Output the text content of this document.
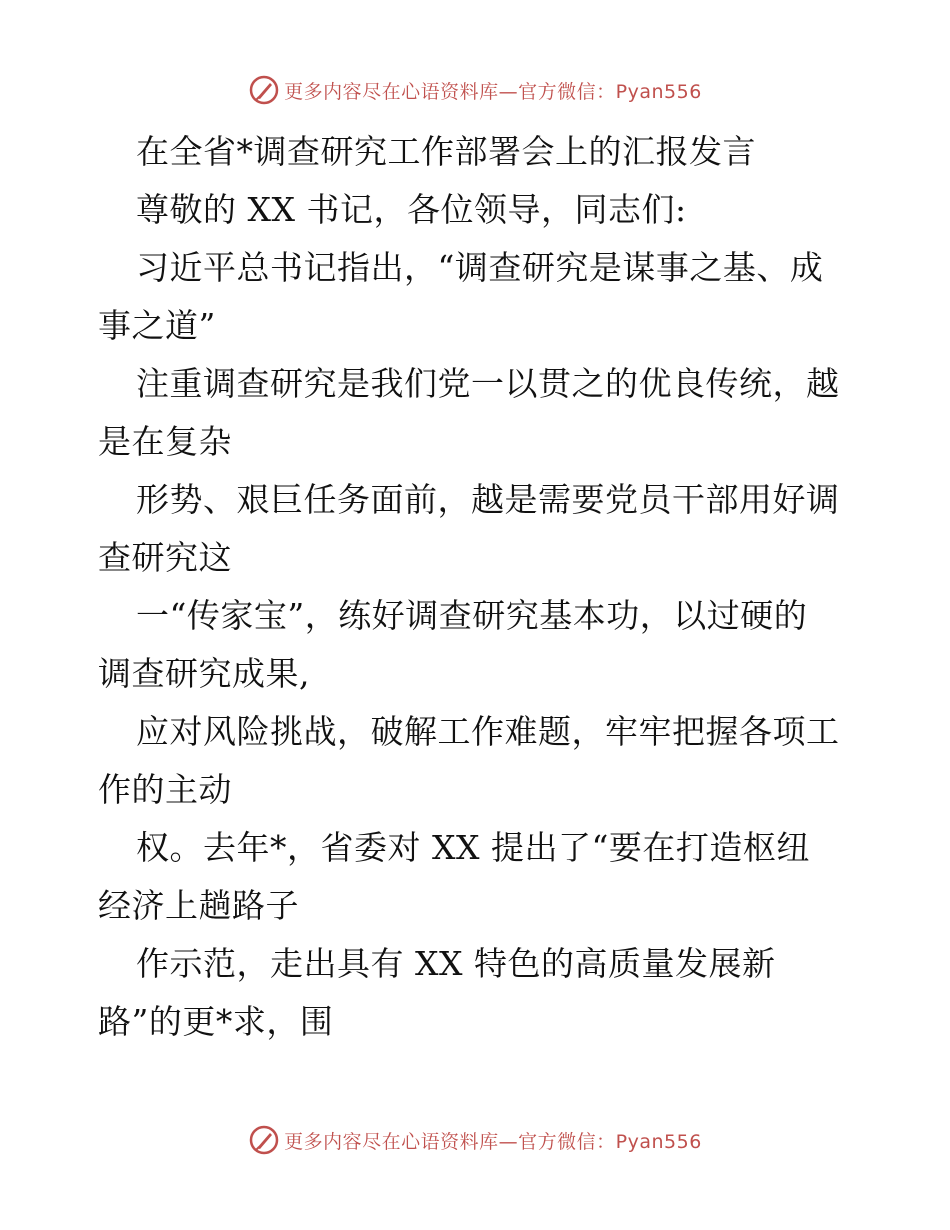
更多内容尽在心语资料库—官方微信：Pyan556
在全省*调查研究工作部署会上的汇报发言
尊敬的 XX 书记，各位领导，同志们:
习近平总书记指出，“调查研究是谋事之基、成
事之道”
注重调查研究是我们党一以贯之的优良传统，越
是在复杂
形势、艰巨任务面前，越是需要党员干部用好调
查研究这
一“传家宝”，练好调查研究基本功，以过硬的
调查研究成果,
应对风险挑战，破解工作难题，牢牢把握各项工
作的主动
权。去年*，省委对 XX 提出了“要在打造枢纽
经济上趟路子
作示范，走出具有 XX 特色的高质量发展新
路”的更*求，围
更多内容尽在心语资料库—官方微信：Pyan556
